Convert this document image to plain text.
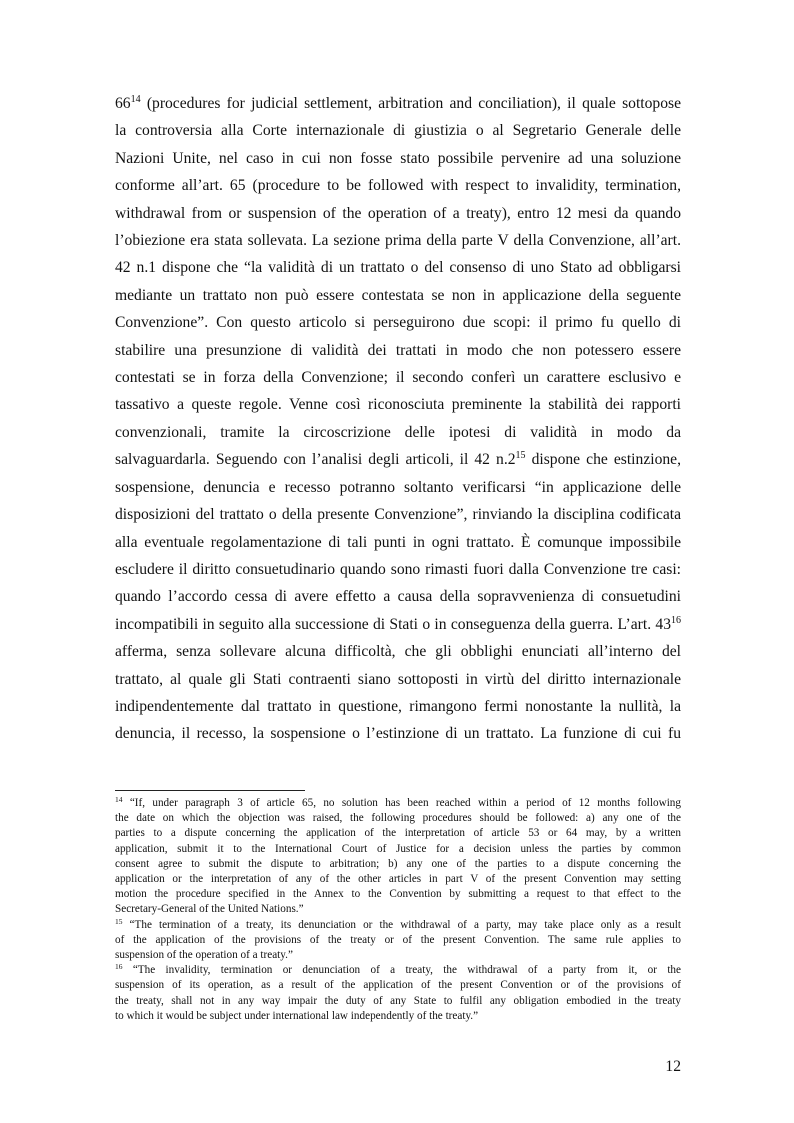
$66^{14}$ (procedures for judicial settlement, arbitration and conciliation), il quale sottopose
la controversia alla Corte internazionale di giustizia o al Segretario Generale delle
Nazioni Unite, nel caso in cui non fosse stato possibile pervenire ad una soluzione
conforme all’art. 65 (procedure to be followed with respect to invalidity, termination,
withdrawal from or suspension of the operation of a treaty), entro 12 mesi da quando
l’obiezione era stata sollevata. La sezione prima della parte V della Convenzione, all’art.
42 n.1 dispone che “la validità di un trattato o del consenso di uno Stato ad obbligarsi
mediante un trattato non può essere contestata se non in applicazione della seguente
Convenzione”. Con questo articolo si perseguirono due scopi: il primo fu quello di
stabilire una presunzione di validità dei trattati in modo che non potessero essere
contestati se in forza della Convenzione; il secondo conferì un carattere esclusivo e
tassativo a queste regole. Venne così riconosciuta preminente la stabilità dei rapporti
convenzionali, tramite la circoscrizione delle ipotesi di validità in modo da
salvaguardarla. Seguendo con l’analisi degli articoli, il 42 $n.2^{15}$ dispone che estinzione,
sospensione, denuncia e recesso potranno soltanto verificarsi “in applicazione delle
disposizioni del trattato o della presente Convenzione”, rinviando la disciplina codificata
alla eventuale regolamentazione di tali punti in ogni trattato. È comunque impossibile
escludere il diritto consuetudinario quando sono rimasti fuori dalla Convenzione tre casi:
quando l’accordo cessa di avere effetto a causa della sopravvenienza di consuetudini
incompatibili in seguito alla successione di Stati o in conseguenza della guerra. L’art. $43^{16}$
afferma, senza sollevare alcuna difficoltà, che gli obblighi enunciati all’interno del
trattato, al quale gli Stati contraenti siano sottoposti in virtù del diritto internazionale
indipendentemente dal trattato in questione, rimangono fermi nonostante la nullità, la
denuncia, il recesso, la sospensione o l’estinzione di un trattato. La funzione di cui fu
$^{14}$ “If, under paragraph 3 of article 65, no solution has been reached within a period of 12 months following
the date on which the objection was raised, the following procedures should be followed: a) any one of the
parties to a dispute concerning the application of the interpretation of article 53 or 64 may, by a written
application, submit it to the International Court of Justice for a decision unless the parties by common
consent agree to submit the dispute to arbitration; b) any one of the parties to a dispute concerning the
application or the interpretation of any of the other articles in part V of the present Convention may setting
motion the procedure specified in the Annex to the Convention by submitting a request to that effect to the
Secretary-General of the United Nations.”
$^{15}$ “The termination of a treaty, its denunciation or the withdrawal of a party, may take place only as a result
of the application of the provisions of the treaty or of the present Convention. The same rule applies to
suspension of the operation of a treaty.”
$^{16}$ “The invalidity, termination or denunciation of a treaty, the withdrawal of a party from it, or the
suspension of its operation, as a result of the application of the present Convention or of the provisions of
the treaty, shall not in any way impair the duty of any State to fulfil any obligation embodied in the treaty
to which it would be subject under international law independently of the treaty.”
12
